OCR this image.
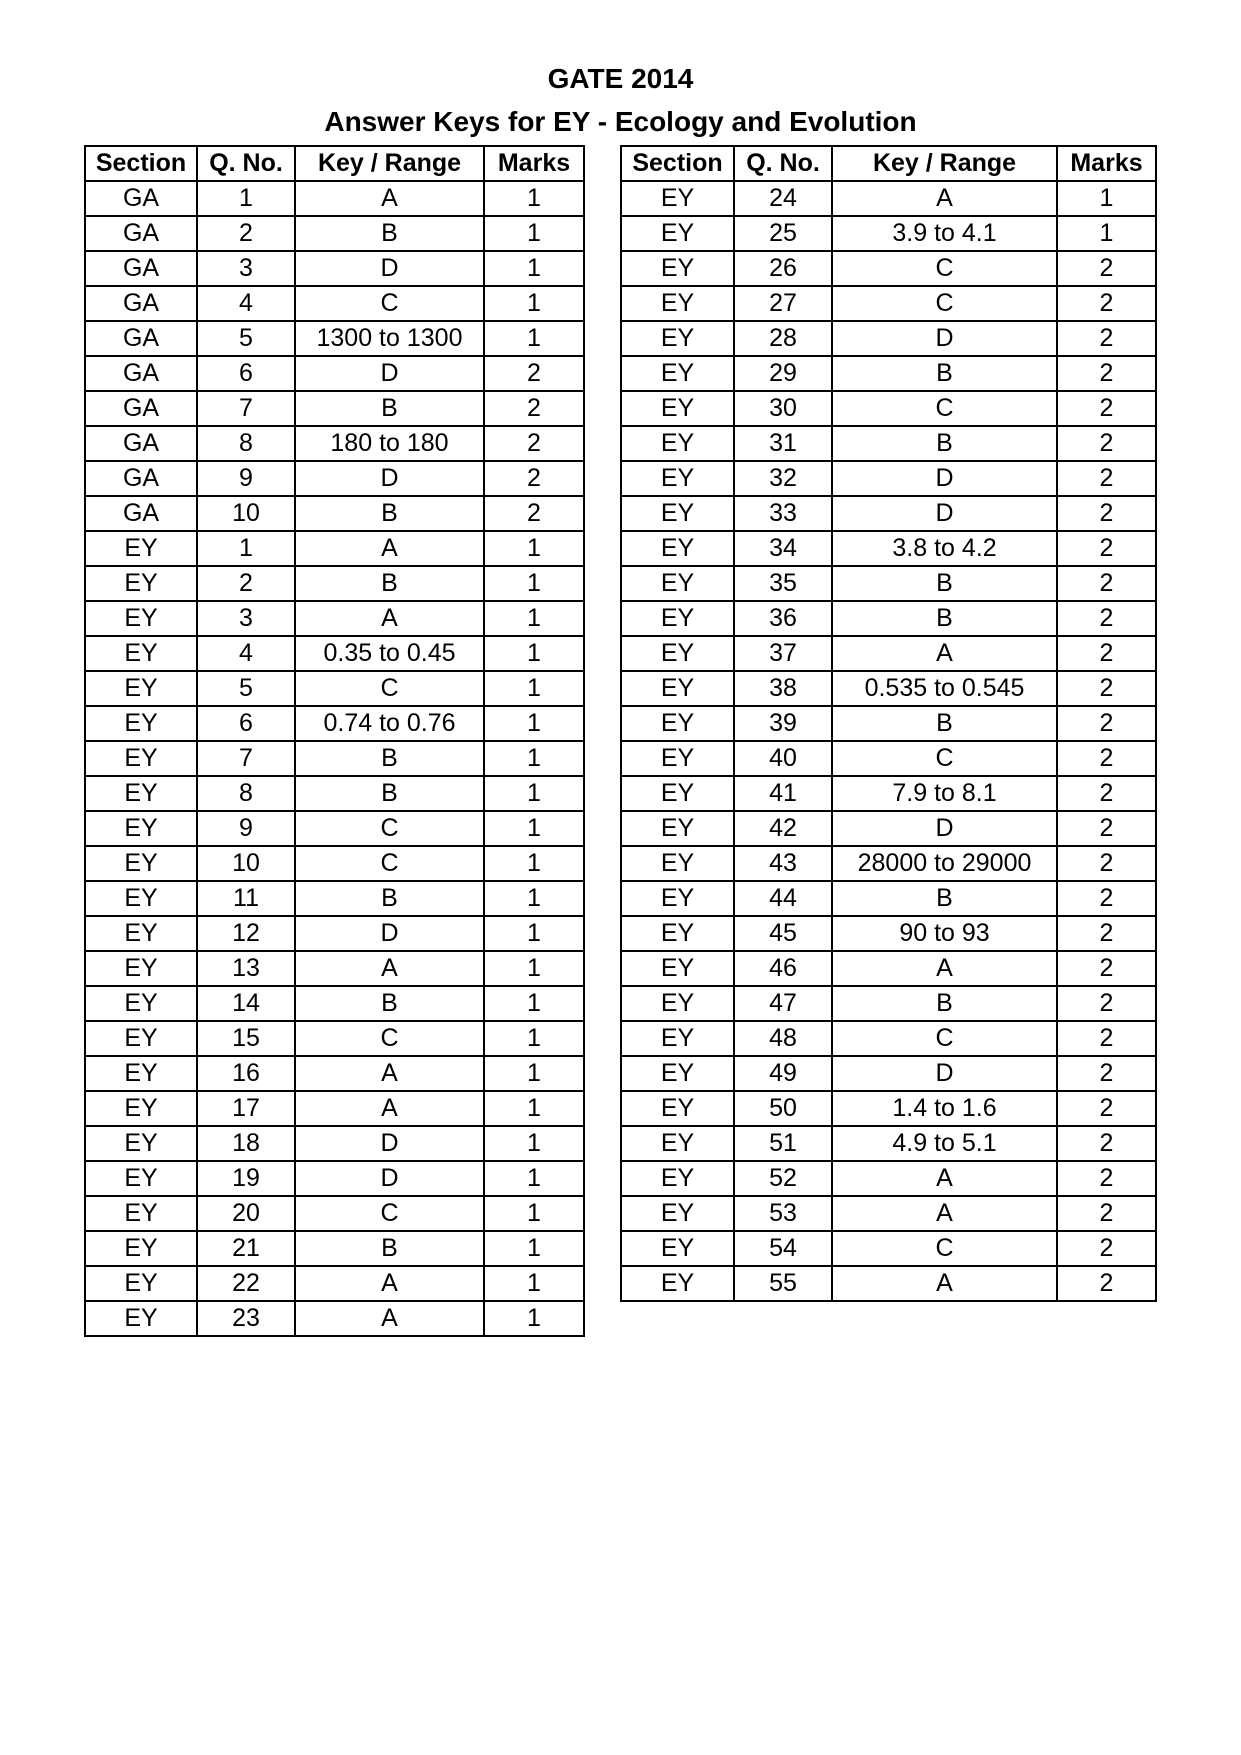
GATE 2014
Answer Keys for EY - Ecology and Evolution
Section	Q. No.	Key / Range	Marks
GA	1	A	1
GA	2	B	1
GA	3	D	1
GA	4	C	1
GA	5	1300 to 1300	1
GA	6	D	2
GA	7	B	2
GA	8	180 to 180	2
GA	9	D	2
GA	10	B	2
EY	1	A	1
EY	2	B	1
EY	3	A	1
EY	4	0.35 to 0.45	1
EY	5	C	1
EY	6	0.74 to 0.76	1
EY	7	B	1
EY	8	B	1
EY	9	C	1
EY	10	C	1
EY	11	B	1
EY	12	D	1
EY	13	A	1
EY	14	B	1
EY	15	C	1
EY	16	A	1
EY	17	A	1
EY	18	D	1
EY	19	D	1
EY	20	C	1
EY	21	B	1
EY	22	A	1
EY	23	A	1
Section	Q. No.	Key / Range	Marks
EY	24	A	1
EY	25	3.9 to 4.1	1
EY	26	C	2
EY	27	C	2
EY	28	D	2
EY	29	B	2
EY	30	C	2
EY	31	B	2
EY	32	D	2
EY	33	D	2
EY	34	3.8 to 4.2	2
EY	35	B	2
EY	36	B	2
EY	37	A	2
EY	38	0.535 to 0.545	2
EY	39	B	2
EY	40	C	2
EY	41	7.9 to 8.1	2
EY	42	D	2
EY	43	28000 to 29000	2
EY	44	B	2
EY	45	90 to 93	2
EY	46	A	2
EY	47	B	2
EY	48	C	2
EY	49	D	2
EY	50	1.4 to 1.6	2
EY	51	4.9 to 5.1	2
EY	52	A	2
EY	53	A	2
EY	54	C	2
EY	55	A	2
